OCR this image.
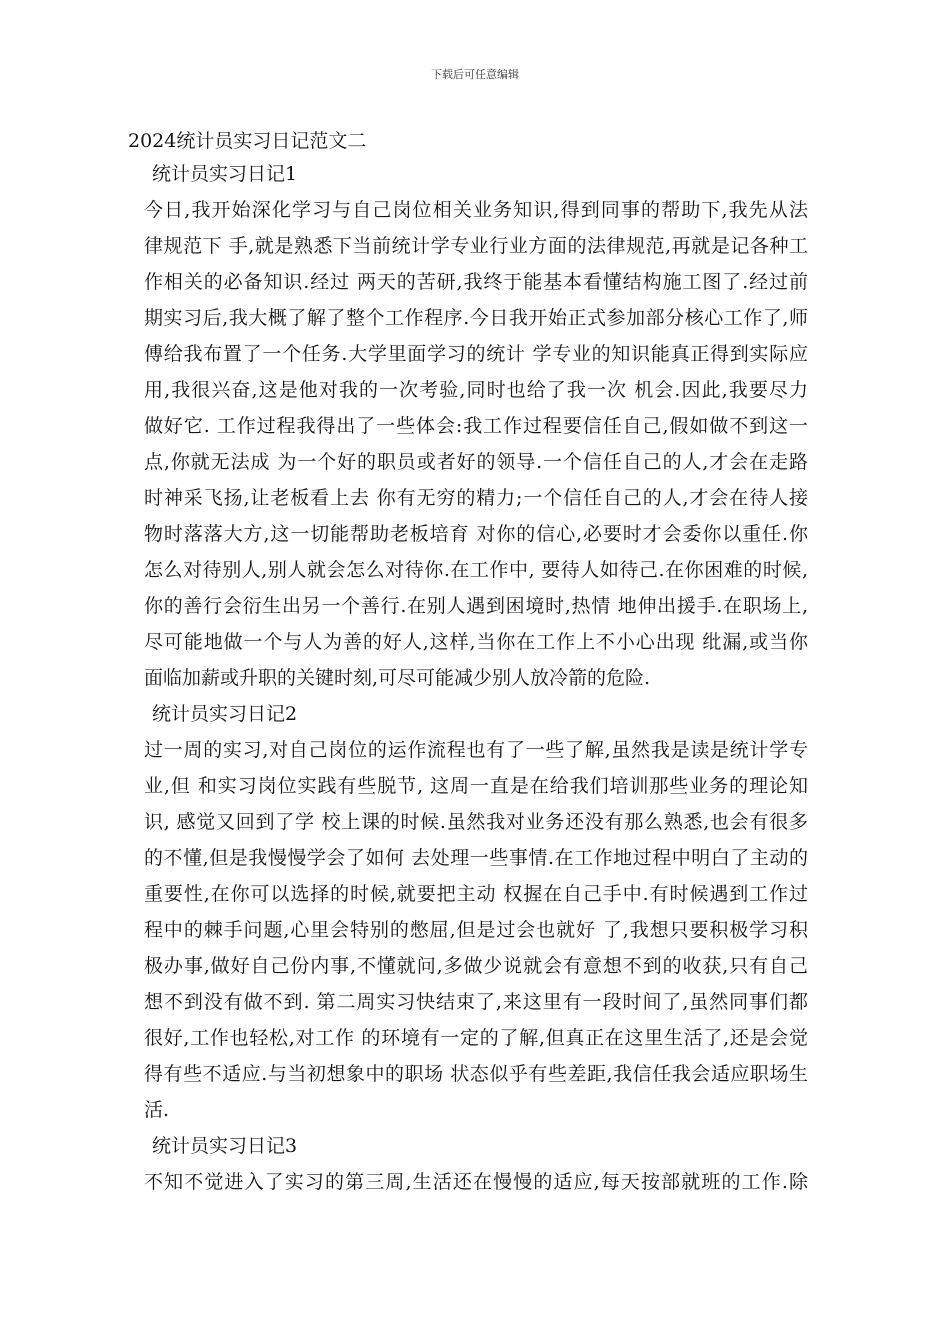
下载后可任意编辑
2024统计员实习日记范文二
统计员实习日记1
今日,我开始深化学习与自己岗位相关业务知识,得到同事的帮助下,我先从法
律规范下 手,就是熟悉下当前统计学专业行业方面的法律规范,再就是记各种工
作相关的必备知识.经过 两天的苦研,我终于能基本看懂结构施工图了.经过前
期实习后,我大概了解了整个工作程序.今日我开始正式参加部分核心工作了,师
傅给我布置了一个任务.大学里面学习的统计 学专业的知识能真正得到实际应
用,我很兴奋,这是他对我的一次考验,同时也给了我一次 机会.因此,我要尽力
做好它. 工作过程我得出了一些体会:我工作过程要信任自己,假如做不到这一
点,你就无法成 为一个好的职员或者好的领导.一个信任自己的人,才会在走路
时神采飞扬,让老板看上去 你有无穷的精力;一个信任自己的人,才会在待人接
物时落落大方,这一切能帮助老板培育 对你的信心,必要时才会委你以重任.你
怎么对待别人,别人就会怎么对待你.在工作中, 要待人如待己.在你困难的时候,
你的善行会衍生出另一个善行.在别人遇到困境时,热情 地伸出援手.在职场上,
尽可能地做一个与人为善的好人,这样,当你在工作上不小心出现 纰漏,或当你
面临加薪或升职的关键时刻,可尽可能减少别人放冷箭的危险.
统计员实习日记2
过一周的实习,对自己岗位的运作流程也有了一些了解,虽然我是读是统计学专
业,但 和实习岗位实践有些脱节, 这周一直是在给我们培训那些业务的理论知
识, 感觉又回到了学 校上课的时候.虽然我对业务还没有那么熟悉,也会有很多
的不懂,但是我慢慢学会了如何 去处理一些事情.在工作地过程中明白了主动的
重要性,在你可以选择的时候,就要把主动 权握在自己手中.有时候遇到工作过
程中的棘手问题,心里会特别的憋屈,但是过会也就好 了,我想只要积极学习积
极办事,做好自己份内事,不懂就问,多做少说就会有意想不到的收获,只有自己
想不到没有做不到. 第二周实习快结束了,来这里有一段时间了,虽然同事们都
很好,工作也轻松,对工作 的环境有一定的了解,但真正在这里生活了,还是会觉
得有些不适应.与当初想象中的职场 状态似乎有些差距,我信任我会适应职场生
活.
统计员实习日记3
不知不觉进入了实习的第三周,生活还在慢慢的适应,每天按部就班的工作.除
